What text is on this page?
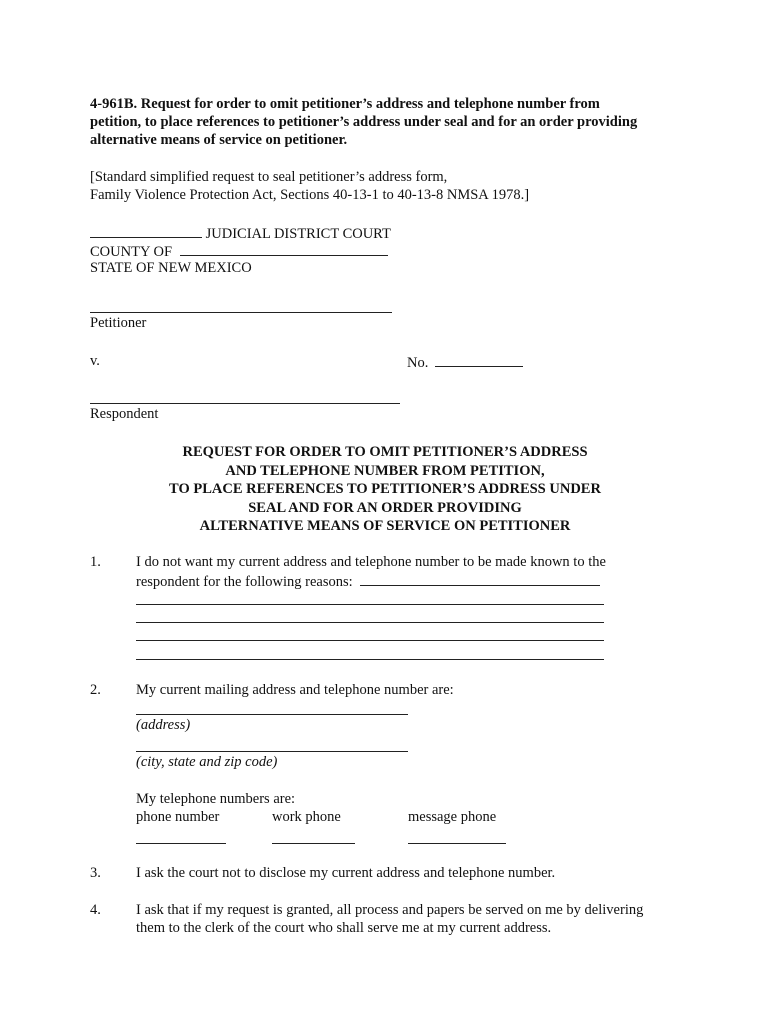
4-961B. Request for order to omit petitioner’s address and telephone number from
petition, to place references to petitioner’s address under seal and for an order providing
alternative means of service on petitioner.
[Standard simplified request to seal petitioner’s address form,
Family Violence Protection Act, Sections 40-13-1 to 40-13-8 NMSA 1978.]
JUDICIAL DISTRICT COURT
COUNTY OF
STATE OF NEW MEXICO
Petitioner
v.	No.
Respondent
REQUEST FOR ORDER TO OMIT PETITIONER’S ADDRESS
AND TELEPHONE NUMBER FROM PETITION,
TO PLACE REFERENCES TO PETITIONER’S ADDRESS UNDER
SEAL AND FOR AN ORDER PROVIDING
ALTERNATIVE MEANS OF SERVICE ON PETITIONER
1. I do not want my current address and telephone number to be made known to the
respondent for the following reasons:
2. My current mailing address and telephone number are:
(address)
(city, state and zip code)
My telephone numbers are:
phone number	work phone	message phone
3. I ask the court not to disclose my current address and telephone number.
4. I ask that if my request is granted, all process and papers be served on me by delivering
them to the clerk of the court who shall serve me at my current address.
